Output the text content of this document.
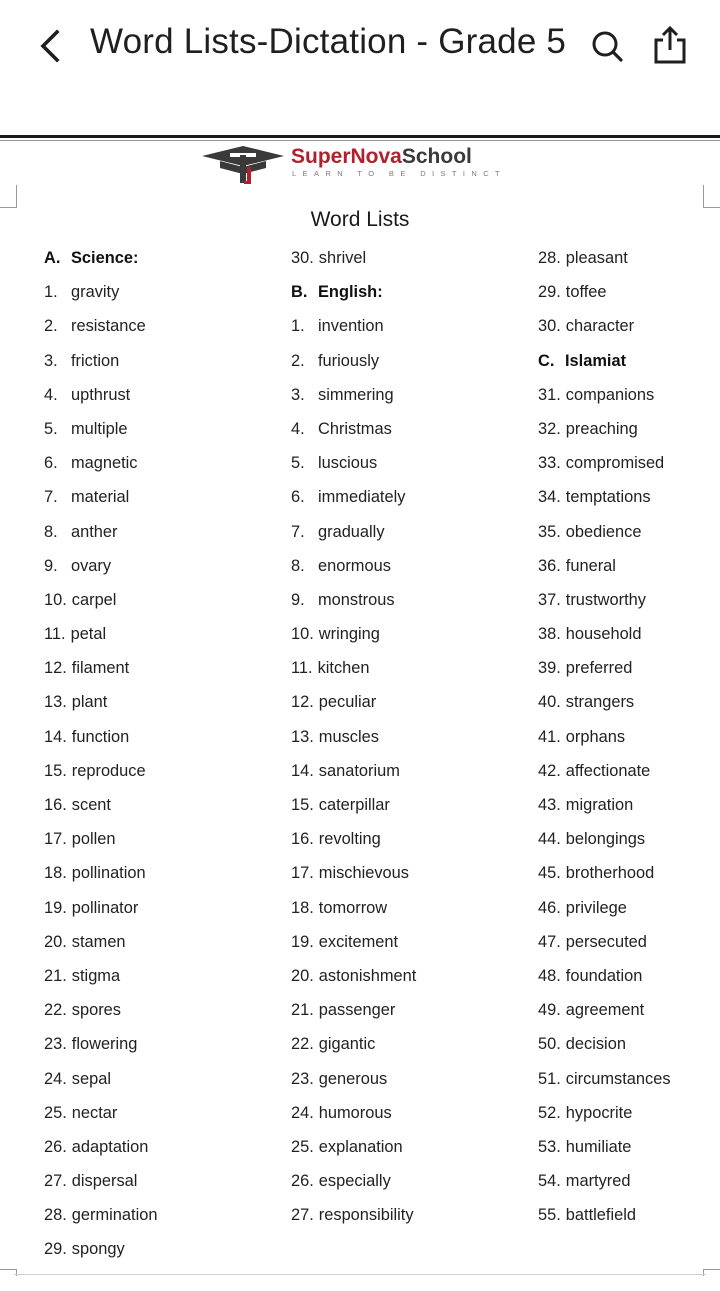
Word Lists-Dictation - Grade 5
SuperNovaSchool
LEARN TO BE DISTINCT
Word Lists
A. Science:
1. gravity
2. resistance
3. friction
4. upthrust
5. multiple
6. magnetic
7. material
8. anther
9. ovary
10. carpel
11. petal
12. filament
13. plant
14. function
15. reproduce
16. scent
17. pollen
18. pollination
19. pollinator
20. stamen
21. stigma
22. spores
23. flowering
24. sepal
25. nectar
26. adaptation
27. dispersal
28. germination
29. spongy
30. shrivel
B. English:
1. invention
2. furiously
3. simmering
4. Christmas
5. luscious
6. immediately
7. gradually
8. enormous
9. monstrous
10. wringing
11. kitchen
12. peculiar
13. muscles
14. sanatorium
15. caterpillar
16. revolting
17. mischievous
18. tomorrow
19. excitement
20. astonishment
21. passenger
22. gigantic
23. generous
24. humorous
25. explanation
26. especially
27. responsibility
28. pleasant
29. toffee
30. character
C. Islamiat
31. companions
32. preaching
33. compromised
34. temptations
35. obedience
36. funeral
37. trustworthy
38. household
39. preferred
40. strangers
41. orphans
42. affectionate
43. migration
44. belongings
45. brotherhood
46. privilege
47. persecuted
48. foundation
49. agreement
50. decision
51. circumstances
52. hypocrite
53. humiliate
54. martyred
55. battlefield
